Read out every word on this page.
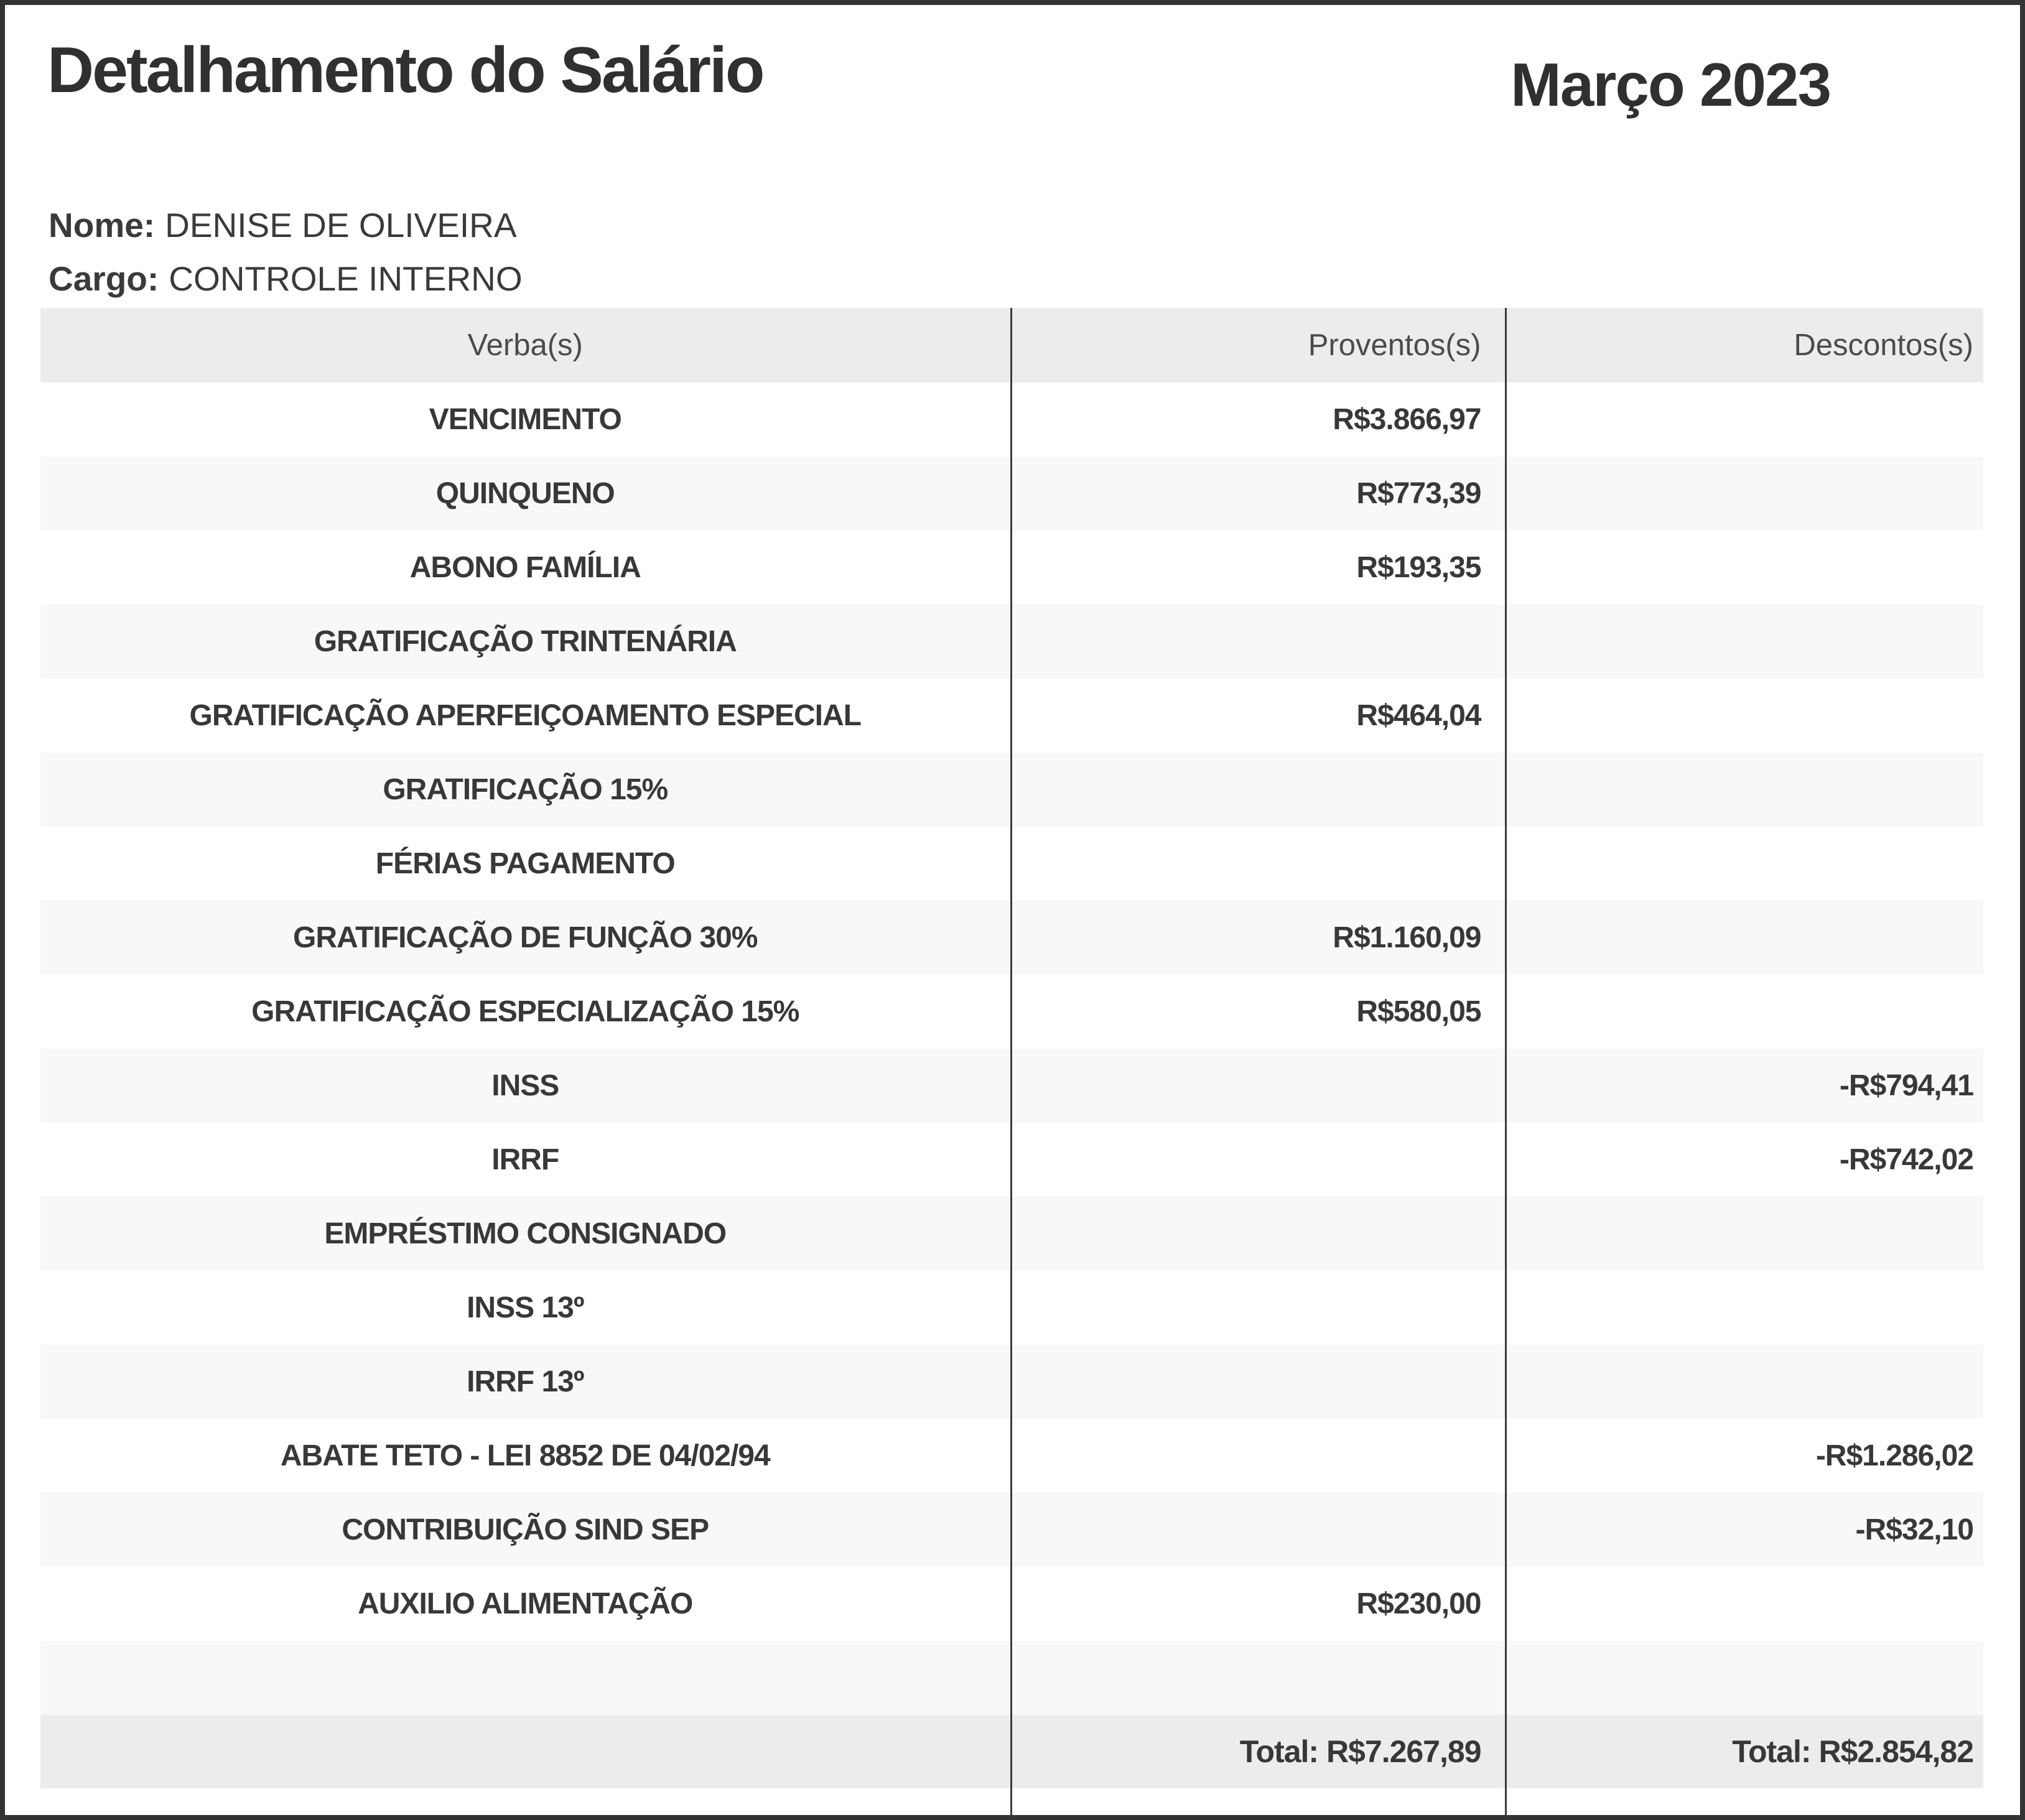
Detalhamento do Salário	Março 2023
Nome: DENISE DE OLIVEIRA
Cargo: CONTROLE INTERNO
Verba(s)	Proventos(s)	Descontos(s)
VENCIMENTO	R$3.866,97	
QUINQUENO	R$773,39	
ABONO FAMÍLIA	R$193,35	
GRATIFICAÇÃO TRINTENÁRIA		
GRATIFICAÇÃO APERFEIÇOAMENTO ESPECIAL	R$464,04	
GRATIFICAÇÃO 15%		
FÉRIAS PAGAMENTO		
GRATIFICAÇÃO DE FUNÇÃO 30%	R$1.160,09	
GRATIFICAÇÃO ESPECIALIZAÇÃO 15%	R$580,05	
INSS		-R$794,41
IRRF		-R$742,02
EMPRÉSTIMO CONSIGNADO		
INSS 13º		
IRRF 13º		
ABATE TETO - LEI 8852 DE 04/02/94		-R$1.286,02
CONTRIBUIÇÃO SIND SEP		-R$32,10
AUXILIO ALIMENTAÇÃO	R$230,00	

	Total: R$7.267,89	Total: R$2.854,82
